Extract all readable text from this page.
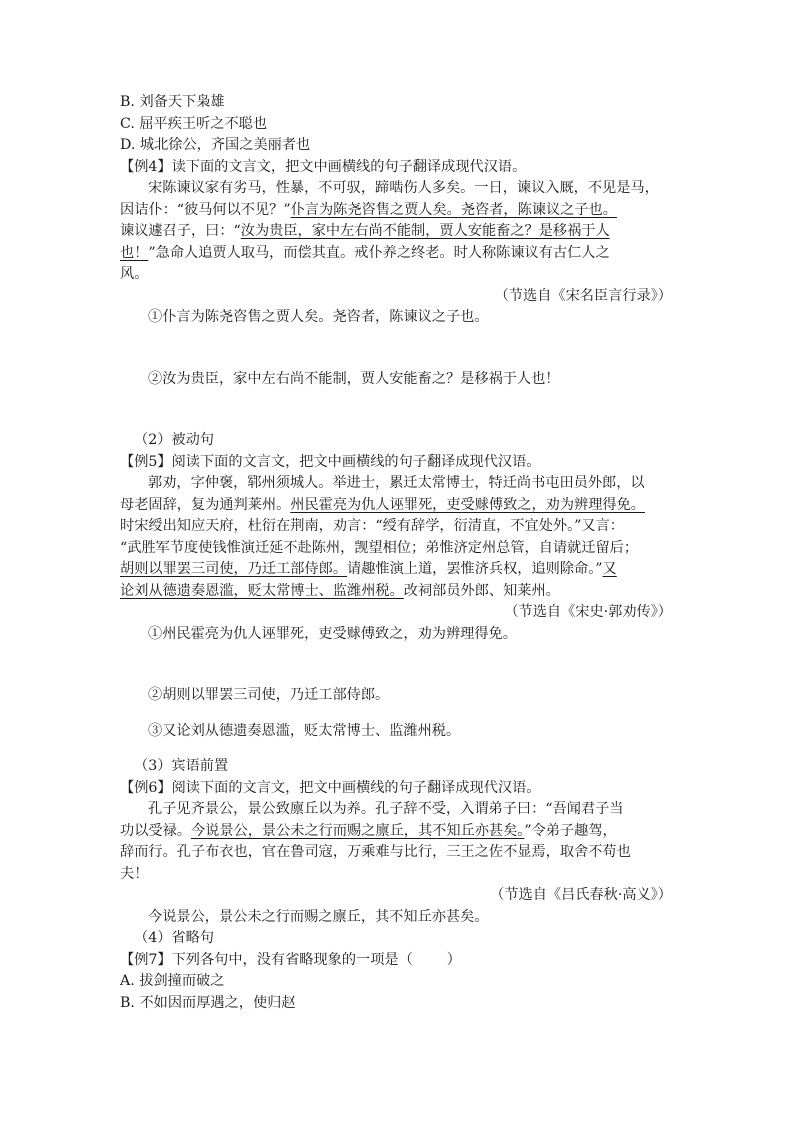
B. 刘备天下枭雄
C. 屈平疾王听之不聪也
D. 城北徐公，齐国之美丽者也
【例4】读下面的文言文，把文中画横线的句子翻译成现代汉语。
宋陈谏议家有劣马，性暴，不可驭，蹄啮伤人多矣。一日，谏议入厩，不见是马，
因诘仆：“彼马何以不见？”仆言为陈尧咨售之贾人矣。尧咨者，陈谏议之子也。
谏议遽召子，曰：“汝为贵臣，家中左右尚不能制，贾人安能畜之？是移祸于人
也！”急命人追贾人取马，而偿其直。戒仆养之终老。时人称陈谏议有古仁人之
风。
（节选自《宋名臣言行录》）
①仆言为陈尧咨售之贾人矣。尧咨者，陈谏议之子也。
②汝为贵臣，家中左右尚不能制，贾人安能畜之？是移祸于人也！
（2）被动句
【例5】阅读下面的文言文，把文中画横线的句子翻译成现代汉语。
郭劝，字仲褒，郓州须城人。举进士，累迁太常博士，特迁尚书屯田员外郎，以
母老固辞，复为通判莱州。州民霍亮为仇人诬罪死，吏受赇傅致之，劝为辨理得免。
时宋绶出知应天府，杜衍在荆南，劝言：“绶有辞学，衍清直，不宜处外。”又言：
“武胜军节度使钱惟演迁延不赴陈州，觊望相位；弟惟济定州总管，自请就迁留后；
胡则以罪罢三司使，乃迁工部侍郎。请趣惟演上道，罢惟济兵权，追则除命。”又
论刘从德遗奏恩滥，贬太常博士、监潍州税。改祠部员外郎、知莱州。
（节选自《宋史·郭劝传》）
①州民霍亮为仇人诬罪死，吏受赇傅致之，劝为辨理得免。
②胡则以罪罢三司使，乃迁工部侍郎。
③又论刘从德遗奏恩滥，贬太常博士、监潍州税。
（3）宾语前置
【例6】阅读下面的文言文，把文中画横线的句子翻译成现代汉语。
孔子见齐景公，景公致廪丘以为养。孔子辞不受，入谓弟子曰：“吾闻君子当
功以受禄。今说景公，景公未之行而赐之廪丘，其不知丘亦甚矣。”令弟子趣驾，
辞而行。孔子布衣也，官在鲁司寇，万乘难与比行，三王之佐不显焉，取舍不苟也
夫！
（节选自《吕氏春秋·高义》）
今说景公，景公未之行而赐之廪丘，其不知丘亦甚矣。
（4）省略句
【例7】下列各句中，没有省略现象的一项是（ ）
A. 拔剑撞而破之
B. 不如因而厚遇之，使归赵
